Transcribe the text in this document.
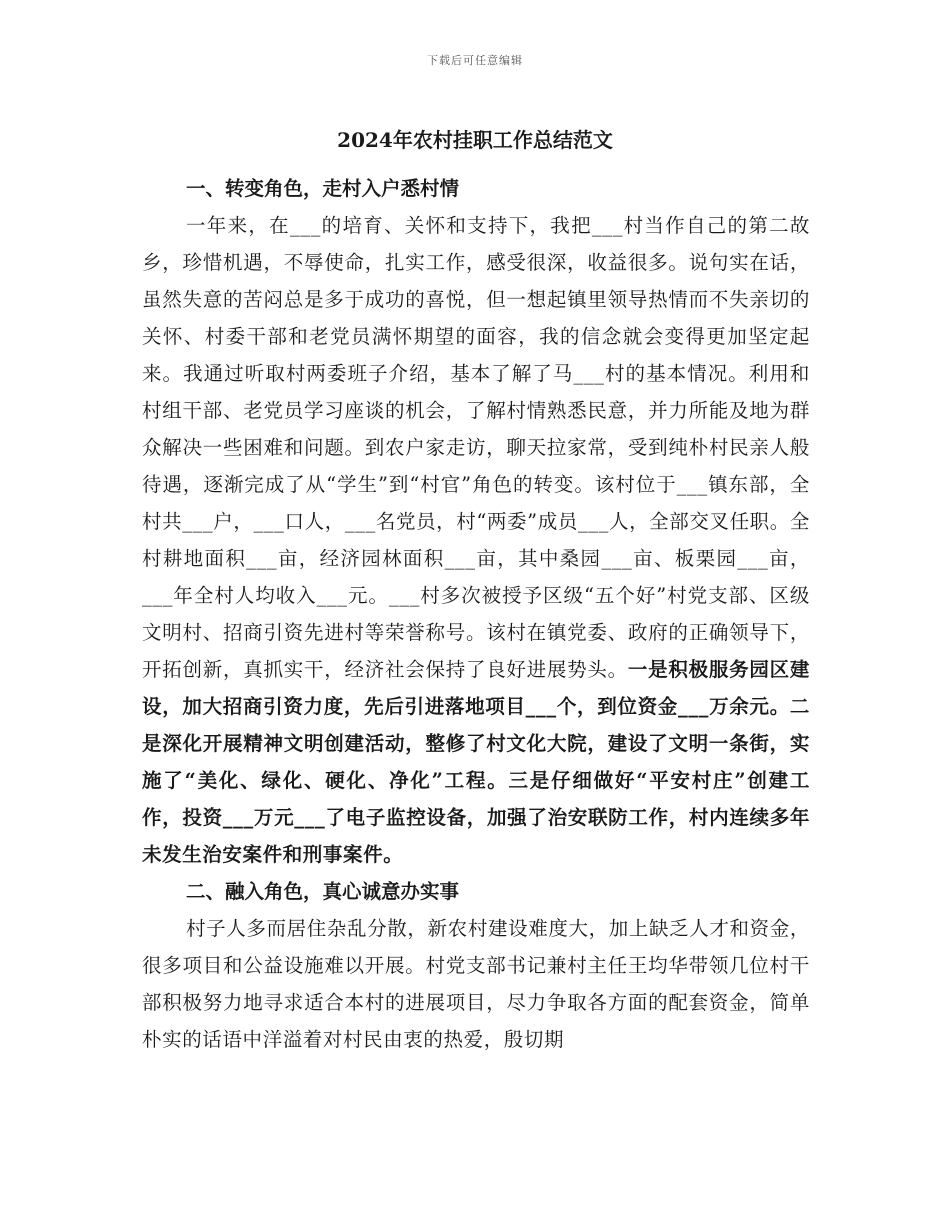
下载后可任意编辑
2024年农村挂职工作总结范文

一、转变角色，走村入户悉村情

一年来，在___的培育、关怀和支持下，我把___村当作自己的第二故乡，珍惜机遇，不辱使命，扎实工作，感受很深，收益很多。说句实在话，虽然失意的苦闷总是多于成功的喜悦，但一想起镇里领导热情而不失亲切的关怀、村委干部和老党员满怀期望的面容，我的信念就会变得更加坚定起来。我通过听取村两委班子介绍，基本了解了马___村的基本情况。利用和村组干部、老党员学习座谈的机会，了解村情熟悉民意，并力所能及地为群众解决一些困难和问题。到农户家走访，聊天拉家常，受到纯朴村民亲人般待遇，逐渐完成了从“学生”到“村官”角色的转变。该村位于___镇东部，全村共___户，___口人，___名党员，村“两委”成员___人，全部交叉任职。全村耕地面积___亩，经济园林面积___亩，其中桑园___亩、板栗园___亩，___年全村人均收入___元。___村多次被授予区级“五个好”村党支部、区级文明村、招商引资先进村等荣誉称号。该村在镇党委、政府的正确领导下，开拓创新，真抓实干，经济社会保持了良好进展势头。一是积极服务园区建设，加大招商引资力度，先后引进落地项目___个，到位资金___万余元。二是深化开展精神文明创建活动，整修了村文化大院，建设了文明一条街，实施了“美化、绿化、硬化、净化”工程。三是仔细做好“平安村庄”创建工作，投资___万元___了电子监控设备，加强了治安联防工作，村内连续多年未发生治安案件和刑事案件。

二、融入角色，真心诚意办实事

村子人多而居住杂乱分散，新农村建设难度大，加上缺乏人才和资金，很多项目和公益设施难以开展。村党支部书记兼村主任王均华带领几位村干部积极努力地寻求适合本村的进展项目，尽力争取各方面的配套资金，简单朴实的话语中洋溢着对村民由衷的热爱，殷切期
